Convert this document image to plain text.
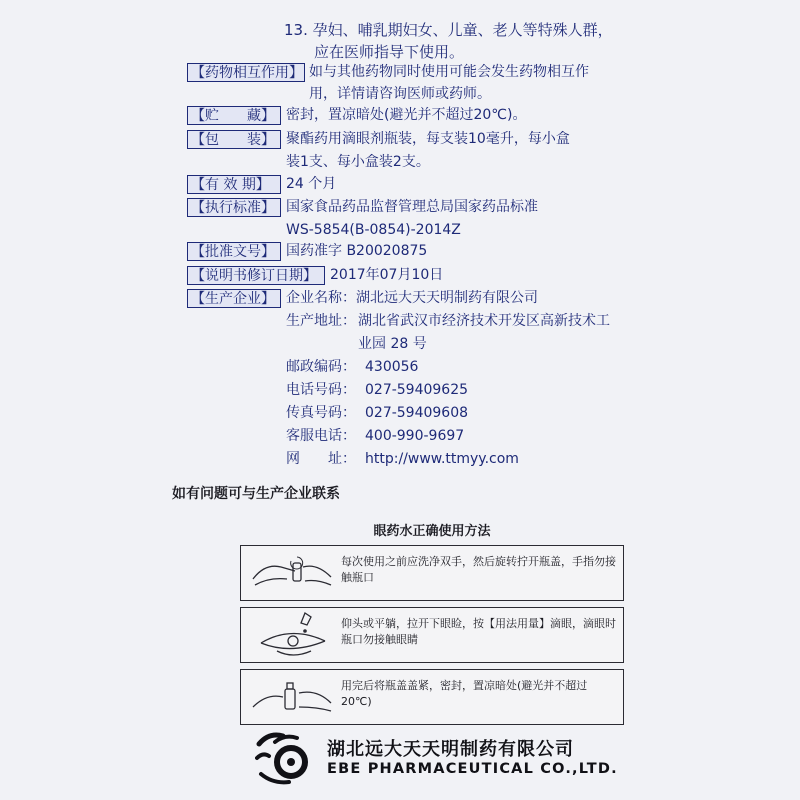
13. 孕妇、哺乳期妇女、儿童、老人等特殊人群，
应在医师指导下使用。
【药物相互作用】 如与其他药物同时使用可能会发生药物相互作
用，详情请咨询医师或药师。
【贮　　藏】 密封，置凉暗处(避光并不超过20℃)。
【包　　装】 聚酯药用滴眼剂瓶装，每支装10毫升，每小盒
装1支、每小盒装2支。
【有 效 期】	24 个月
【执行标准】 国家食品药品监督管理总局国家药品标准
WS-5854(B-0854)-2014Z
【批准文号】 国药准字 B20020875
【说明书修订日期】 2017年07月10日
【生产企业】 企业名称：湖北远大天天明制药有限公司
生产地址： 湖北省武汉市经济技术开发区高新技术工
业园 28 号
邮政编码： 430056
电话号码： 027-59409625
传真号码： 027-59409608
客服电话： 400-990-9697
网　　址： http://www.ttmyy.com
如有问题可与生产企业联系
眼药水正确使用方法
每次使用之前应洗净双手，然后旋转拧开瓶盖，手指勿接触瓶口
仰头或平躺，拉开下眼睑，按【用法用量】滴眼，滴眼时瓶口勿接触眼睛
用完后将瓶盖盖紧，密封，置凉暗处(避光并不超过20℃)
湖北远大天天明制药有限公司
EBE PHARMACEUTICAL CO.,LTD.
